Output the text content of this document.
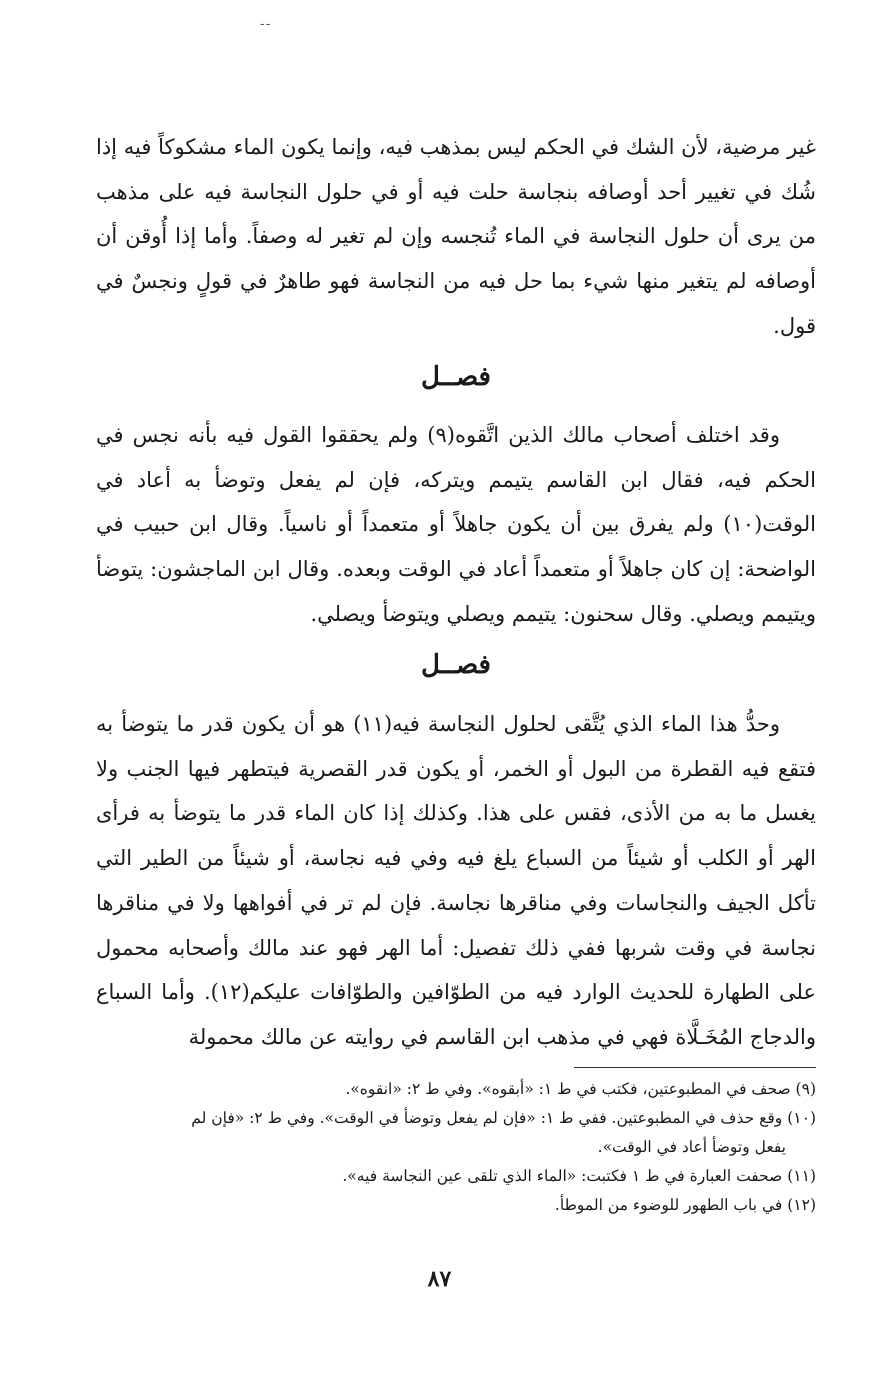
--

غير مرضية، لأن الشك في الحكم ليس بمذهب فيه، وإنما يكون الماء مشكوكاً فيه إذا شُك في تغيير أحد أوصافه بنجاسة حلت فيه أو في حلول النجاسة فيه على مذهب من يرى أن حلول النجاسة في الماء تُنجسه وإن لم تغير له وصفاً. وأما إذا أُوقن أن أوصافه لم يتغير منها شيء بما حل فيه من النجاسة فهو طاهرٌ في قولٍ ونجسٌ في قول.

فصــل

وقد اختلف أصحاب مالك الذين اتَّقوه(٩) ولم يحققوا القول فيه بأنه نجس في الحكم فيه، فقال ابن القاسم يتيمم ويتركه، فإن لم يفعل وتوضأ به أعاد في الوقت(١٠) ولم يفرق بين أن يكون جاهلاً أو متعمداً أو ناسياً. وقال ابن حبيب في الواضحة: إن كان جاهلاً أو متعمداً أعاد في الوقت وبعده. وقال ابن الماجشون: يتوضأ ويتيمم ويصلي. وقال سحنون: يتيمم ويصلي ويتوضأ ويصلي.

فصــل

وحدُّ هذا الماء الذي يُتَّقى لحلول النجاسة فيه(١١) هو أن يكون قدر ما يتوضأ به فتقع فيه القطرة من البول أو الخمر، أو يكون قدر القصرية فيتطهر فيها الجنب ولا يغسل ما به من الأذى، فقس على هذا. وكذلك إذا كان الماء قدر ما يتوضأ به فرأى الهر أو الكلب أو شيئاً من السباع يلغ فيه وفي فيه نجاسة، أو شيئاً من الطير التي تأكل الجيف والنجاسات وفي مناقرها نجاسة. فإن لم تر في أفواهها ولا في مناقرها نجاسة في وقت شربها ففي ذلك تفصيل: أما الهر فهو عند مالك وأصحابه محمول على الطهارة للحديث الوارد فيه من الطوّافين والطوّافات عليكم(١٢). وأما السباع والدجاج المُخَـلَّاة فهي في مذهب ابن القاسم في روايته عن مالك محمولة

(٩) صحف في المطبوعتين، فكتب في ط ١: «أبقوه». وفي ط ٢: «انقوه».

(١٠) وقع حذف في المطبوعتين. ففي ط ١: «فإن لم يفعل وتوضأ في الوقت». وفي ط ٢: «فإن لم

يفعل وتوضأ أعاد في الوقت».

(١١) صحفت العبارة في ط ١ فكتبت: «الماء الذي تلقى عين النجاسة فيه».

(١٢) في باب الطهور للوضوء من الموطأ.

٨٧
